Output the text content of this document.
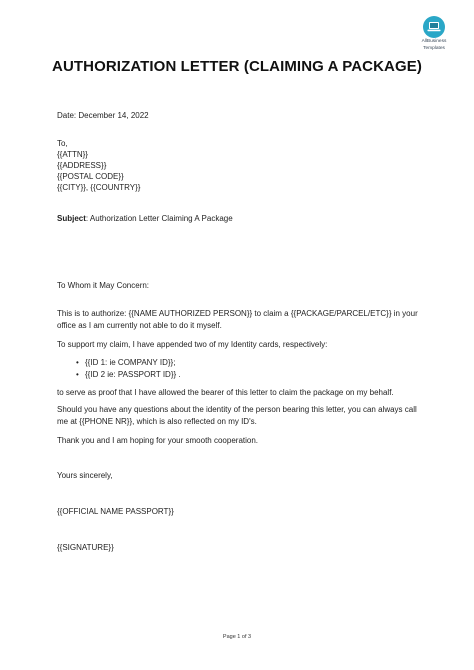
AllBusiness
Templates
AUTHORIZATION LETTER (CLAIMING A PACKAGE)
Date: December 14, 2022
To,
{{ATTN}}
{{ADDRESS}}
{{POSTAL CODE}}
{{CITY}}, {{COUNTRY}}
Subject: Authorization Letter Claiming A Package
To Whom it May Concern:
This is to authorize: {{NAME AUTHORIZED PERSON}} to claim a {{PACKAGE/PARCEL/ETC}} in your office as I am currently not able to do it myself.
To support my claim, I have appended two of my Identity cards, respectively:
• {{ID 1: ie COMPANY ID}};
• {{ID 2 ie: PASSPORT ID}} .
to serve as proof that I have allowed the bearer of this letter to claim the package on my behalf.
Should you have any questions about the identity of the person bearing this letter, you can always call me at {{PHONE NR}}, which is also reflected on my ID's.
Thank you and I am hoping for your smooth cooperation.
Yours sincerely,
{{OFFICIAL NAME PASSPORT}}
{{SIGNATURE}}
Page 1 of 3
